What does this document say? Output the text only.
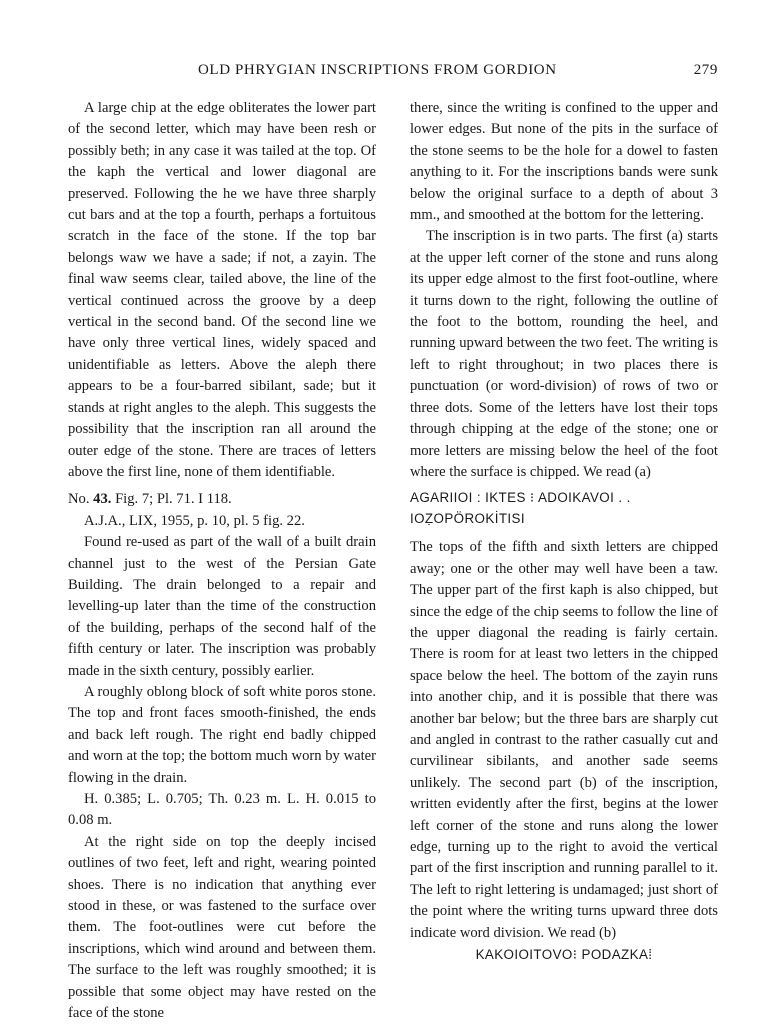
OLD PHRYGIAN INSCRIPTIONS FROM GORDION	279

A large chip at the edge obliterates the lower part of the second letter, which may have been resh or possibly beth; in any case it was tailed at the top. Of the kaph the vertical and lower diagonal are preserved. Following the he we have three sharply cut bars and at the top a fourth, perhaps a fortuitous scratch in the face of the stone. If the top bar belongs waw we have a sade; if not, a zayin. The final waw seems clear, tailed above, the line of the vertical continued across the groove by a deep vertical in the second band. Of the second line we have only three vertical lines, widely spaced and unidentifiable as letters. Above the aleph there appears to be a four-barred sibilant, sade; but it stands at right angles to the aleph. This suggests the possibility that the inscription ran all around the outer edge of the stone. There are traces of letters above the first line, none of them identifiable.

No. 43. Fig. 7; Pl. 71. I 118.

A.J.A., LIX, 1955, p. 10, pl. 5 fig. 22.

Found re-used as part of the wall of a built drain channel just to the west of the Persian Gate Building. The drain belonged to a repair and levelling-up later than the time of the construction of the building, perhaps of the second half of the fifth century or later. The inscription was probably made in the sixth century, possibly earlier.

A roughly oblong block of soft white poros stone. The top and front faces smooth-finished, the ends and back left rough. The right end badly chipped and worn at the top; the bottom much worn by water flowing in the drain.

H. 0.385; L. 0.705; Th. 0.23 m. L. H. 0.015 to 0.08 m.

At the right side on top the deeply incised outlines of two feet, left and right, wearing pointed shoes. There is no indication that anything ever stood in these, or was fastened to the surface over them. The foot-outlines were cut before the inscriptions, which wind around and between them. The surface to the left was roughly smoothed; it is possible that some object may have rested on the face of the stone

there, since the writing is confined to the upper and lower edges. But none of the pits in the surface of the stone seems to be the hole for a dowel to fasten anything to it. For the inscriptions bands were sunk below the original surface to a depth of about 3 mm., and smoothed at the bottom for the lettering.

The inscription is in two parts. The first (a) starts at the upper left corner of the stone and runs along its upper edge almost to the first foot-outline, where it turns down to the right, following the outline of the foot to the bottom, rounding the heel, and running upward between the two feet. The writing is left to right throughout; in two places there is punctuation (or word-division) of rows of two or three dots. Some of the letters have lost their tops through chipping at the edge of the stone; one or more letters are missing below the heel of the foot where the surface is chipped. We read (a)

AGARIIOI : IKTES ⁝ ADOIKAVOI . .
IOẒOPÖROKİTISI

The tops of the fifth and sixth letters are chipped away; one or the other may well have been a taw. The upper part of the first kaph is also chipped, but since the edge of the chip seems to follow the line of the upper diagonal the reading is fairly certain. There is room for at least two letters in the chipped space below the heel. The bottom of the zayin runs into another chip, and it is possible that there was another bar below; but the three bars are sharply cut and angled in contrast to the rather casually cut and curvilinear sibilants, and another sade seems unlikely. The second part (b) of the inscription, written evidently after the first, begins at the lower left corner of the stone and runs along the lower edge, turning up to the right to avoid the vertical part of the first inscription and running parallel to it. The left to right lettering is undamaged; just short of the point where the writing turns upward three dots indicate word division. We read (b)

KAKOIOITOVO⁝ PODAZKA⁞
